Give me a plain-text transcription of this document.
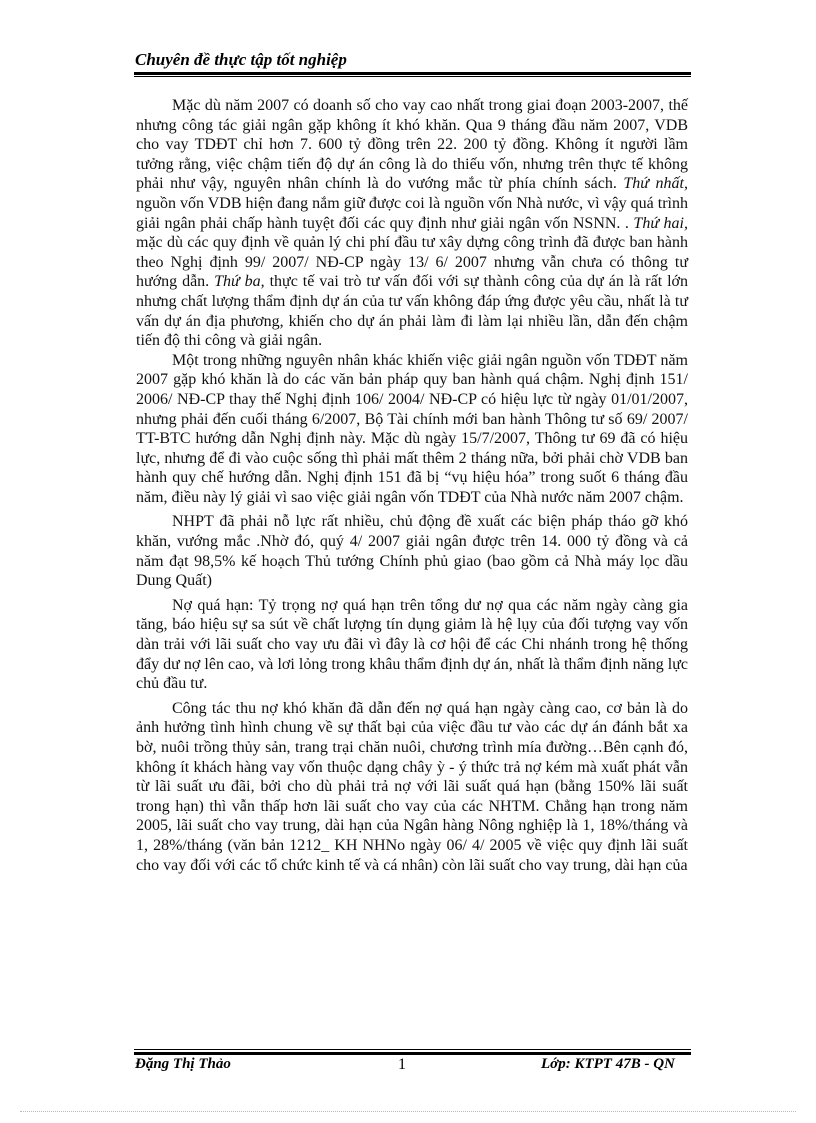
Chuyên đề thực tập tốt nghiệp

Mặc dù năm 2007 có doanh số cho vay cao nhất trong giai đoạn 2003-2007, thế nhưng công tác giải ngân gặp không ít khó khăn. Qua 9 tháng đầu năm 2007, VDB cho vay TDĐT chỉ hơn 7. 600 tỷ đồng trên 22. 200 tỷ đồng. Không ít người lầm tưởng rằng, việc chậm tiến độ dự án công là do thiếu vốn, nhưng trên thực tế không phải như vậy, nguyên nhân chính là do vướng mắc từ phía chính sách. Thứ nhất, nguồn vốn VDB hiện đang nắm giữ được coi là nguồn vốn Nhà nước, vì vậy quá trình giải ngân phải chấp hành tuyệt đối các quy định như giải ngân vốn NSNN. . Thứ hai, mặc dù các quy định về quản lý chi phí đầu tư xây dựng công trình đã được ban hành theo Nghị định 99/ 2007/ NĐ-CP ngày 13/ 6/ 2007 nhưng vẫn chưa có thông tư hướng dẫn. Thứ ba, thực tế vai trò tư vấn đối với sự thành công của dự án là rất lớn nhưng chất lượng thẩm định dự án của tư vấn không đáp ứng được yêu cầu, nhất là tư vấn dự án địa phương, khiến cho dự án phải làm đi làm lại nhiều lần, dẫn đến chậm tiến độ thi công và giải ngân.

Một trong những nguyên nhân khác khiến việc giải ngân nguồn vốn TDĐT năm 2007 gặp khó khăn là do các văn bản pháp quy ban hành quá chậm. Nghị định 151/ 2006/ NĐ-CP thay thế Nghị định 106/ 2004/ NĐ-CP có hiệu lực từ ngày 01/01/2007, nhưng phải đến cuối tháng 6/2007, Bộ Tài chính mới ban hành Thông tư số 69/ 2007/ TT-BTC hướng dẫn Nghị định này. Mặc dù ngày 15/7/2007, Thông tư 69 đã có hiệu lực, nhưng để đi vào cuộc sống thì phải mất thêm 2 tháng nữa, bởi phải chờ VDB ban hành quy chế hướng dẫn. Nghị định 151 đã bị “vụ hiệu hóa” trong suốt 6 tháng đầu năm, điều này lý giải vì sao việc giải ngân vốn TDĐT của Nhà nước năm 2007 chậm.

NHPT đã phải nỗ lực rất nhiều, chủ động đề xuất các biện pháp tháo gỡ khó khăn, vướng mắc .Nhờ đó, quý 4/ 2007 giải ngân được trên 14. 000 tỷ đồng và cả năm đạt 98,5% kế hoạch Thủ tướng Chính phủ giao (bao gồm cả Nhà máy lọc dầu Dung Quất)

Nợ quá hạn: Tỷ trọng nợ quá hạn trên tổng dư nợ qua các năm ngày càng gia tăng, báo hiệu sự sa sút về chất lượng tín dụng giảm là hệ lụy của đối tượng vay vốn dàn trải với lãi suất cho vay ưu đãi vì đây là cơ hội để các Chi nhánh trong hệ thống đẩy dư nợ lên cao, và lơi lỏng trong khâu thẩm định dự án, nhất là thẩm định năng lực chủ đầu tư.

Công tác thu nợ khó khăn đã dẫn đến nợ quá hạn ngày càng cao, cơ bản là do ảnh hưởng tình hình chung về sự thất bại của việc đầu tư vào các dự án đánh bắt xa bờ, nuôi trồng thủy sản, trang trại chăn nuôi, chương trình mía đường…Bên cạnh đó, không ít khách hàng vay vốn thuộc dạng chây ỳ - ý thức trả nợ kém mà xuất phát vẫn từ lãi suất ưu đãi, bởi cho dù phải trả nợ với lãi suất quá hạn (bằng 150% lãi suất trong hạn) thì vẫn thấp hơn lãi suất cho vay của các NHTM. Chẳng hạn trong năm 2005, lãi suất cho vay trung, dài hạn của Ngân hàng Nông nghiệp là 1, 18%/tháng và 1, 28%/tháng (văn bản 1212_ KH NHNo ngày 06/ 4/ 2005 về việc quy định lãi suất cho vay đối với các tổ chức kinh tế và cá nhân) còn lãi suất cho vay trung, dài hạn của

Đặng Thị Thảo	1	Lớp: KTPT 47B - QN
